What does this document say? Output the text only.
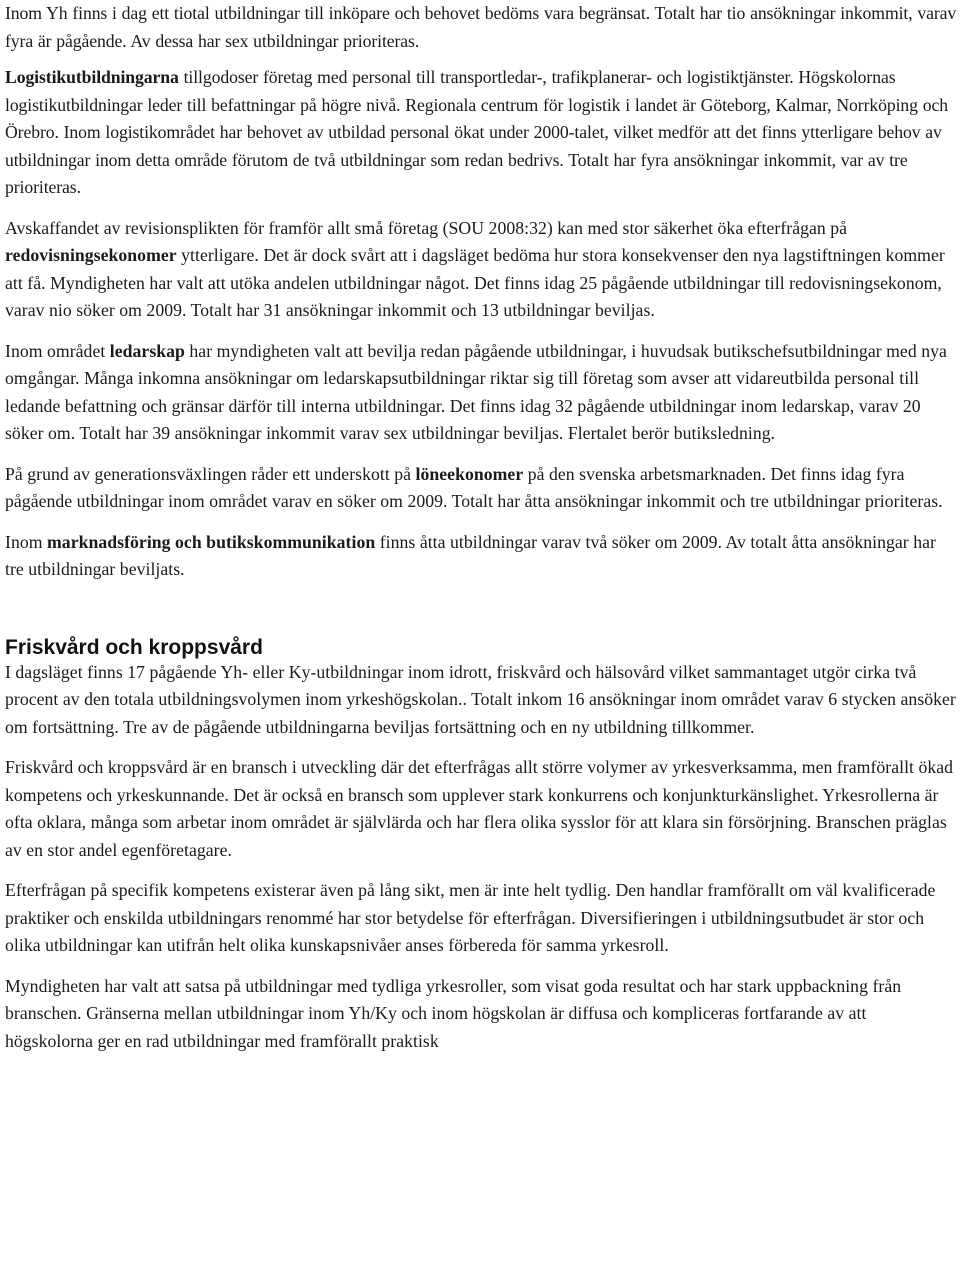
Inom Yh finns i dag ett tiotal utbildningar till inköpare och behovet bedöms vara begränsat. Totalt har tio ansökningar inkommit, varav fyra är pågående. Av dessa har sex utbildningar prioriteras.

Logistikutbildningarna tillgodoser företag med personal till transportledar-, trafikplanerar- och logistiktjänster. Högskolornas logistikutbildningar leder till befattningar på högre nivå. Regionala centrum för logistik i landet är Göteborg, Kalmar, Norrköping och Örebro. Inom logistikområdet har behovet av utbildad personal ökat under 2000-talet, vilket medför att det finns ytterligare behov av utbildningar inom detta område förutom de två utbildningar som redan bedrivs. Totalt har fyra ansökningar inkommit, var av tre prioriteras.

Avskaffandet av revisionsplikten för framför allt små företag (SOU 2008:32) kan med stor säkerhet öka efterfrågan på redovisningsekonomer ytterligare. Det är dock svårt att i dagsläget bedöma hur stora konsekvenser den nya lagstiftningen kommer att få. Myndigheten har valt att utöka andelen utbildningar något. Det finns idag 25 pågående utbildningar till redovisningsekonom, varav nio söker om 2009. Totalt har 31 ansökningar inkommit och 13 utbildningar beviljas.

Inom området ledarskap har myndigheten valt att bevilja redan pågående utbildningar, i huvudsak butikschefsutbildningar med nya omgångar. Många inkomna ansökningar om ledarskapsutbildningar riktar sig till företag som avser att vidareutbilda personal till ledande befattning och gränsar därför till interna utbildningar. Det finns idag 32 pågående utbildningar inom ledarskap, varav 20 söker om. Totalt har 39 ansökningar inkommit varav sex utbildningar beviljas. Flertalet berör butiksledning.

På grund av generationsväxlingen råder ett underskott på löneekonomer på den svenska arbetsmarknaden. Det finns idag fyra pågående utbildningar inom området varav en söker om 2009. Totalt har åtta ansökningar inkommit och tre utbildningar prioriteras.

Inom marknadsföring och butikskommunikation finns åtta utbildningar varav två söker om 2009. Av totalt åtta ansökningar har tre utbildningar beviljats.

Friskvård och kroppsvård

I dagsläget finns 17 pågående Yh- eller Ky-utbildningar inom idrott, friskvård och hälsovård vilket sammantaget utgör cirka två procent av den totala utbildningsvolymen inom yrkeshögskolan.. Totalt inkom 16 ansökningar inom området varav 6 stycken ansöker om fortsättning. Tre av de pågående utbildningarna beviljas fortsättning och en ny utbildning tillkommer.

Friskvård och kroppsvård är en bransch i utveckling där det efterfrågas allt större volymer av yrkesverksamma, men framförallt ökad kompetens och yrkeskunnande. Det är också en bransch som upplever stark konkurrens och konjunkturkänslighet. Yrkesrollerna är ofta oklara, många som arbetar inom området är självlärda och har flera olika sysslor för att klara sin försörjning. Branschen präglas av en stor andel egenföretagare.

Efterfrågan på specifik kompetens existerar även på lång sikt, men är inte helt tydlig. Den handlar framförallt om väl kvalificerade praktiker och enskilda utbildningars renommé har stor betydelse för efterfrågan. Diversifieringen i utbildningsutbudet är stor och olika utbildningar kan utifrån helt olika kunskapsnivåer anses förbereda för samma yrkesroll.

Myndigheten har valt att satsa på utbildningar med tydliga yrkesroller, som visat goda resultat och har stark uppbackning från branschen. Gränserna mellan utbildningar inom Yh/Ky och inom högskolan är diffusa och kompliceras fortfarande av att högskolorna ger en rad utbildningar med framförallt praktisk
